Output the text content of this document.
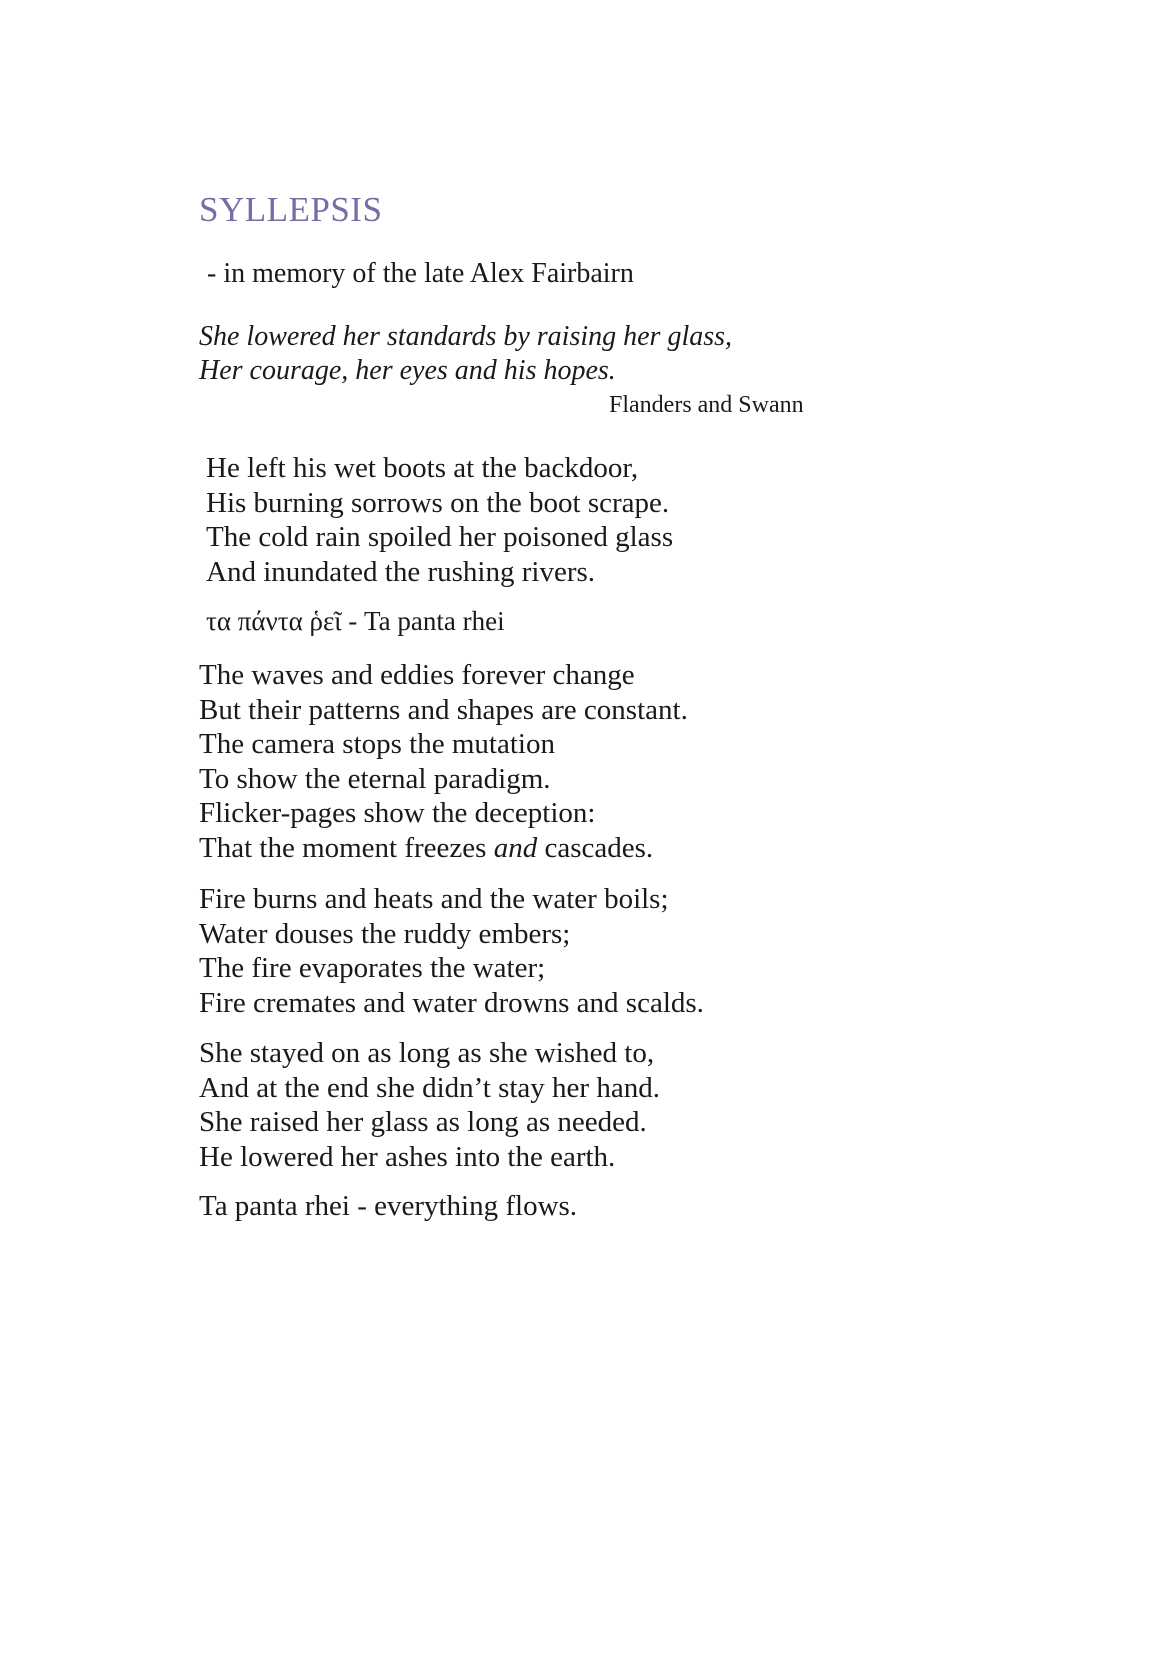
SYLLEPSIS

- in memory of the late Alex Fairbairn

She lowered her standards by raising her glass,
Her courage, her eyes and his hopes.

Flanders and Swann

He left his wet boots at the backdoor,
His burning sorrows on the boot scrape.
The cold rain spoiled her poisoned glass
And inundated the rushing rivers.

τα πάντα ῥεῖ - Ta panta rhei

The waves and eddies forever change
But their patterns and shapes are constant.
The camera stops the mutation
To show the eternal paradigm.
Flicker-pages show the deception:
That the moment freezes and cascades.

Fire burns and heats and the water boils;
Water douses the ruddy embers;
The fire evaporates the water;
Fire cremates and water drowns and scalds.

She stayed on as long as she wished to,
And at the end she didn’t stay her hand.
She raised her glass as long as needed.
He lowered her ashes into the earth.

Ta panta rhei - everything flows.
